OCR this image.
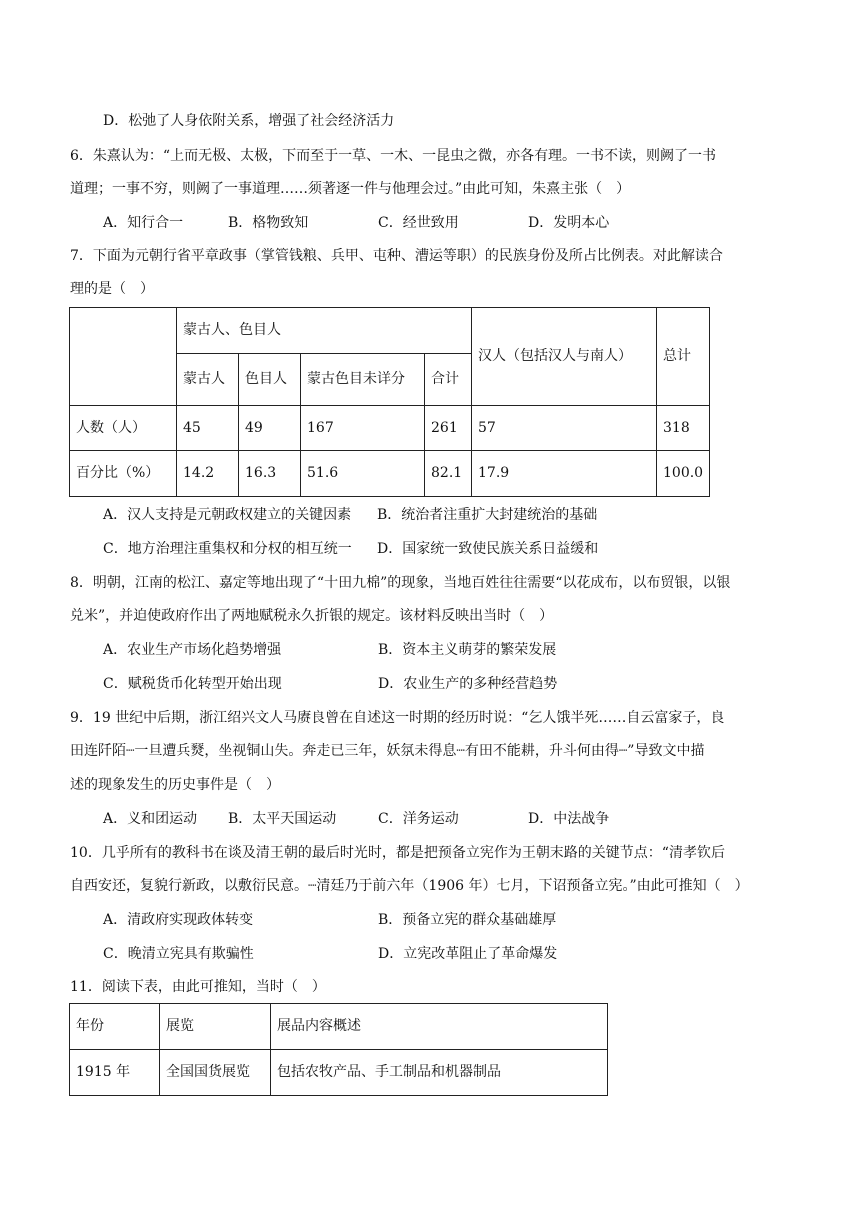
D．松弛了人身依附关系，增强了社会经济活力
6．朱熹认为：“上而无极、太极，下而至于一草、一木、一昆虫之微，亦各有理。一书不读，则阙了一书
道理；一事不穷，则阙了一事道理……须著逐一件与他理会过。”由此可知，朱熹主张（　）
A．知行合一	B．格物致知	C．经世致用	D．发明本心
7．下面为元朝行省平章政事（掌管钱粮、兵甲、屯种、漕运等职）的民族身份及所占比例表。对此解读合
理的是（　）
	蒙古人、色目人				汉人（包括汉人与南人）	总计
	蒙古人	色目人	蒙古色目未详分	合计		
人数（人）	45	49	167	261	57	318
百分比（%）	14.2	16.3	51.6	82.1	17.9	100.0
A．汉人支持是元朝政权建立的关键因素 B．统治者注重扩大封建统治的基础
C．地方治理注重集权和分权的相互统一 D．国家统一致使民族关系日益缓和
8．明朝，江南的松江、嘉定等地出现了“十田九棉”的现象，当地百姓往往需要“以花成布，以布贸银，以银
兑米”，并迫使政府作出了两地赋税永久折银的规定。该材料反映出当时（　）
A．农业生产市场化趋势增强	B．资本主义萌芽的繁荣发展
C．赋税货币化转型开始出现	D．农业生产的多种经营趋势
9．19 世纪中后期，浙江绍兴文人马赓良曾在自述这一时期的经历时说：“乞人饿半死……自云富家子，良
田连阡陌┈一旦遭兵燹，坐视铜山失。奔走已三年，妖氛未得息┈有田不能耕，升斗何由得┈”导致文中描
述的现象发生的历史事件是（　）
A．义和团运动 B．太平天国运动	C．洋务运动	D．中法战争
10．几乎所有的教科书在谈及清王朝的最后时光时，都是把预备立宪作为王朝末路的关键节点：“清孝钦后
自西安还，复貌行新政，以敷衍民意。┈清廷乃于前六年（1906 年）七月，下诏预备立宪。”由此可推知（　）
A．清政府实现政体转变	B．预备立宪的群众基础雄厚
C．晚清立宪具有欺骗性	D．立宪改革阻止了革命爆发
11．阅读下表，由此可推知，当时（　）
年份	展览	展品内容概述
1915 年	全国国货展览	包括农牧产品、手工制品和机器制品
